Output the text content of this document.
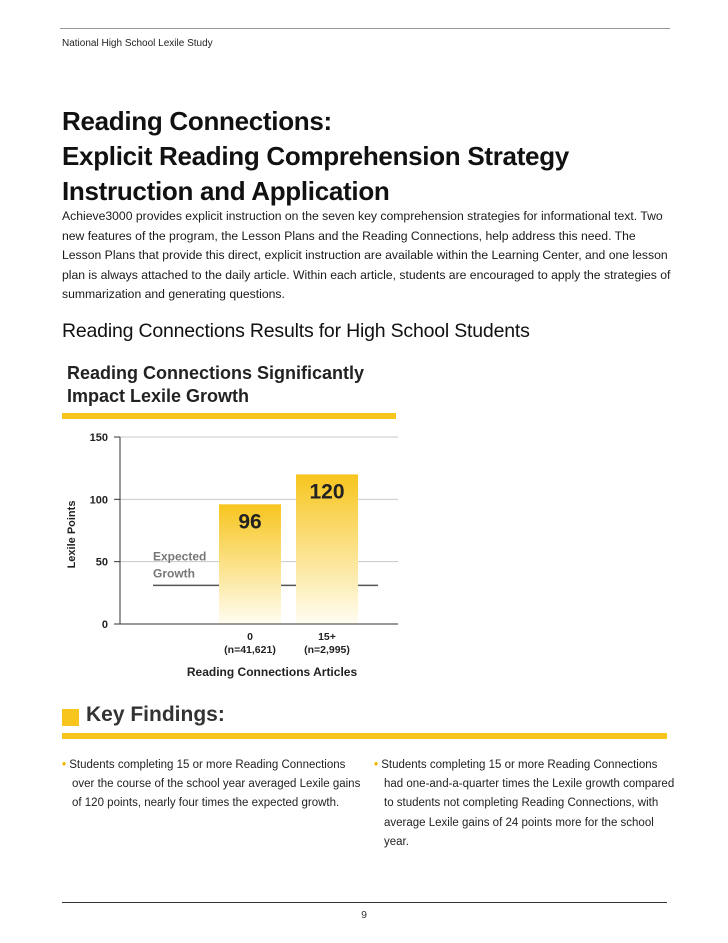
National High School Lexile Study
Reading Connections:
Explicit Reading Comprehension Strategy
Instruction and Application

Achieve3000 provides explicit instruction on the seven key comprehension strategies for informational text. Two new features of the program, the Lesson Plans and the Reading Connections, help address this need. The Lesson Plans that provide this direct, explicit instruction are available within the Learning Center, and one lesson plan is always attached to the daily article. Within each article, students are encouraged to apply the strategies of summarization and generating questions.

Reading Connections Results for High School Students
Reading Connections Significantly
Impact Lexile Growth
Expected
Growth
0
50
100
150
Lexile Points	96
0
(n=41,621)
120
15+
(n=2,995)
Reading Connections Articles
Key Findings:

• Students completing 15 or more Reading Connections over the course of the school year averaged Lexile gains of 120 points, nearly four times the expected growth.

• Students completing 15 or more Reading Connections had one-and-a-quarter times the Lexile growth compared to students not completing Reading Connections, with average Lexile gains of 24 points more for the school year.

9
